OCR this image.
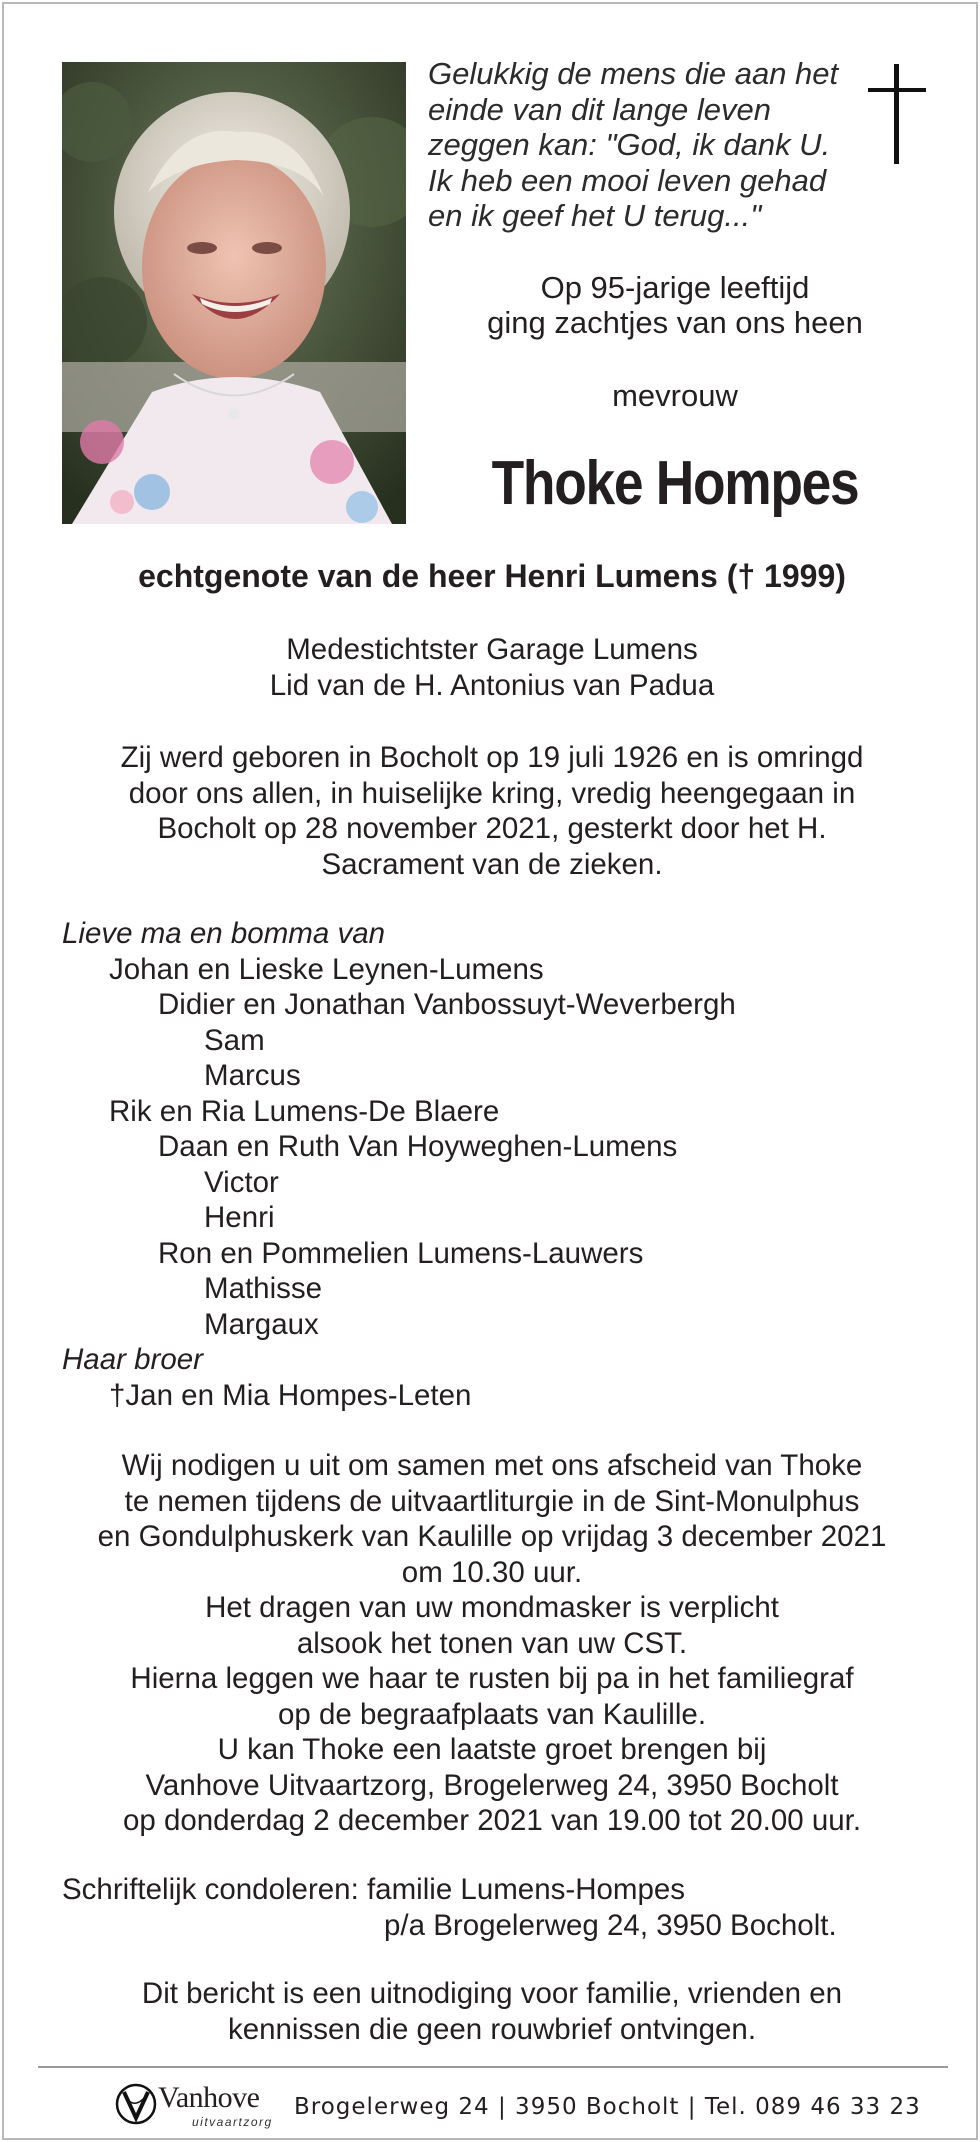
Gelukkig de mens die aan het
einde van dit lange leven
zeggen kan: "God, ik dank U.
Ik heb een mooi leven gehad
en ik geef het U terug..."
Op 95-jarige leeftijd
ging zachtjes van ons heen
mevrouw
Thoke Hompes
echtgenote van de heer Henri Lumens († 1999)
Medestichtster Garage Lumens
Lid van de H. Antonius van Padua
Zij werd geboren in Bocholt op 19 juli 1926 en is omringd
door ons allen, in huiselijke kring, vredig heengegaan in
Bocholt op 28 november 2021, gesterkt door het H.
Sacrament van de zieken.
Lieve ma en bomma van
Johan en Lieske Leynen-Lumens
Didier en Jonathan Vanbossuyt-Weverbergh
Sam
Marcus
Rik en Ria Lumens-De Blaere
Daan en Ruth Van Hoyweghen-Lumens
Victor
Henri
Ron en Pommelien Lumens-Lauwers
Mathisse
Margaux
Haar broer
†Jan en Mia Hompes-Leten
Wij nodigen u uit om samen met ons afscheid van Thoke
te nemen tijdens de uitvaartliturgie in de Sint-Monulphus
en Gondulphuskerk van Kaulille op vrijdag 3 december 2021
om 10.30 uur.
Het dragen van uw mondmasker is verplicht
alsook het tonen van uw CST.
Hierna leggen we haar te rusten bij pa in het familiegraf
op de begraafplaats van Kaulille.
U kan Thoke een laatste groet brengen bij
Vanhove Uitvaartzorg, Brogelerweg 24, 3950 Bocholt
op donderdag 2 december 2021 van 19.00 tot 20.00 uur.
Schriftelijk condoleren: familie Lumens-Hompes
p/a Brogelerweg 24, 3950 Bocholt.
Dit bericht is een uitnodiging voor familie, vrienden en
kennissen die geen rouwbrief ontvingen.
Vanhove
uitvaartzorg
Brogelerweg 24 | 3950 Bocholt | Tel. 089 46 33 23
